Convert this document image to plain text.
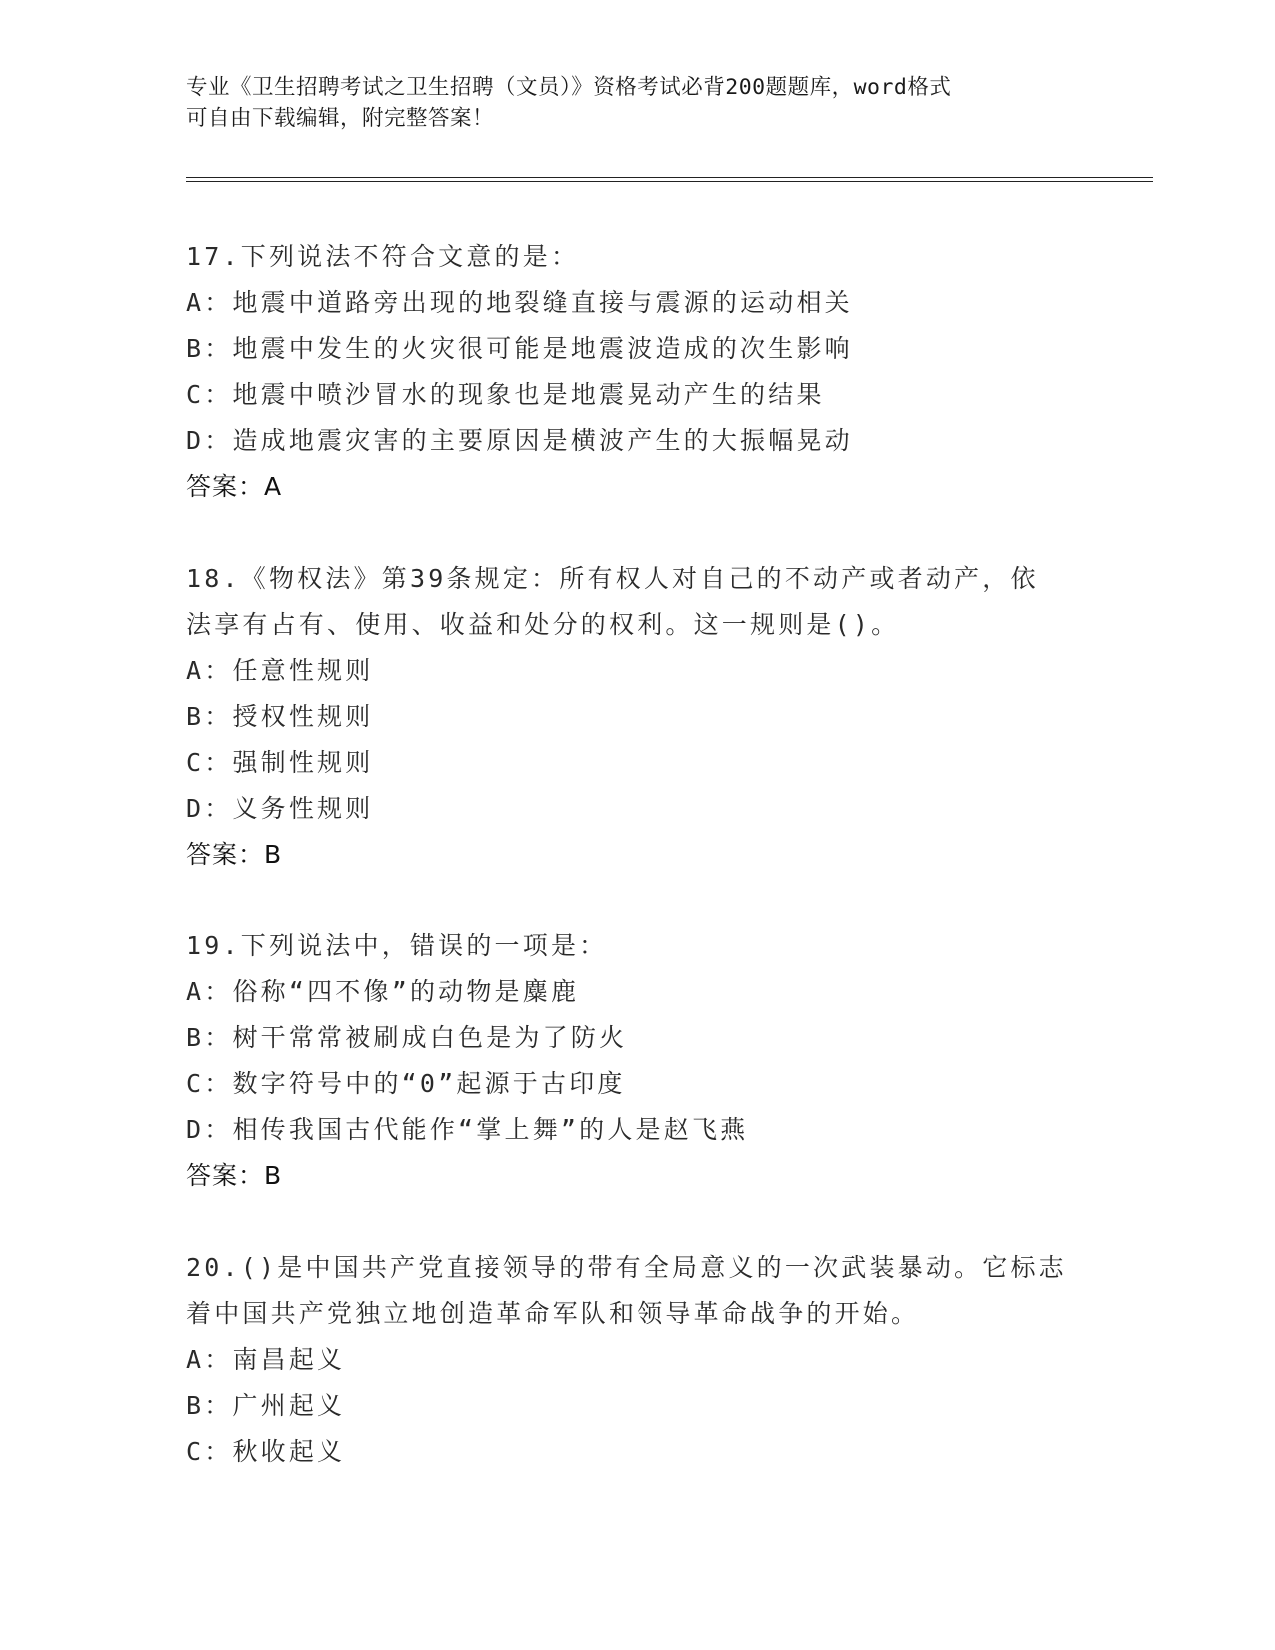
专业《卫生招聘考试之卫生招聘（文员）》资格考试必背200题题库，word格式
可自由下载编辑，附完整答案！
17.下列说法不符合文意的是：
A：地震中道路旁出现的地裂缝直接与震源的运动相关
B：地震中发生的火灾很可能是地震波造成的次生影响
C：地震中喷沙冒水的现象也是地震晃动产生的结果
D：造成地震灾害的主要原因是横波产生的大振幅晃动
答案：A
18.《物权法》第39条规定：所有权人对自己的不动产或者动产，依
法享有占有、使用、收益和处分的权利。这一规则是()。
A：任意性规则
B：授权性规则
C：强制性规则
D：义务性规则
答案：B
19.下列说法中，错误的一项是：
A：俗称“四不像”的动物是麋鹿
B：树干常常被刷成白色是为了防火
C：数字符号中的“0”起源于古印度
D：相传我国古代能作“掌上舞”的人是赵飞燕
答案：B
20.()是中国共产党直接领导的带有全局意义的一次武装暴动。它标志
着中国共产党独立地创造革命军队和领导革命战争的开始。
A：南昌起义
B：广州起义
C：秋收起义
